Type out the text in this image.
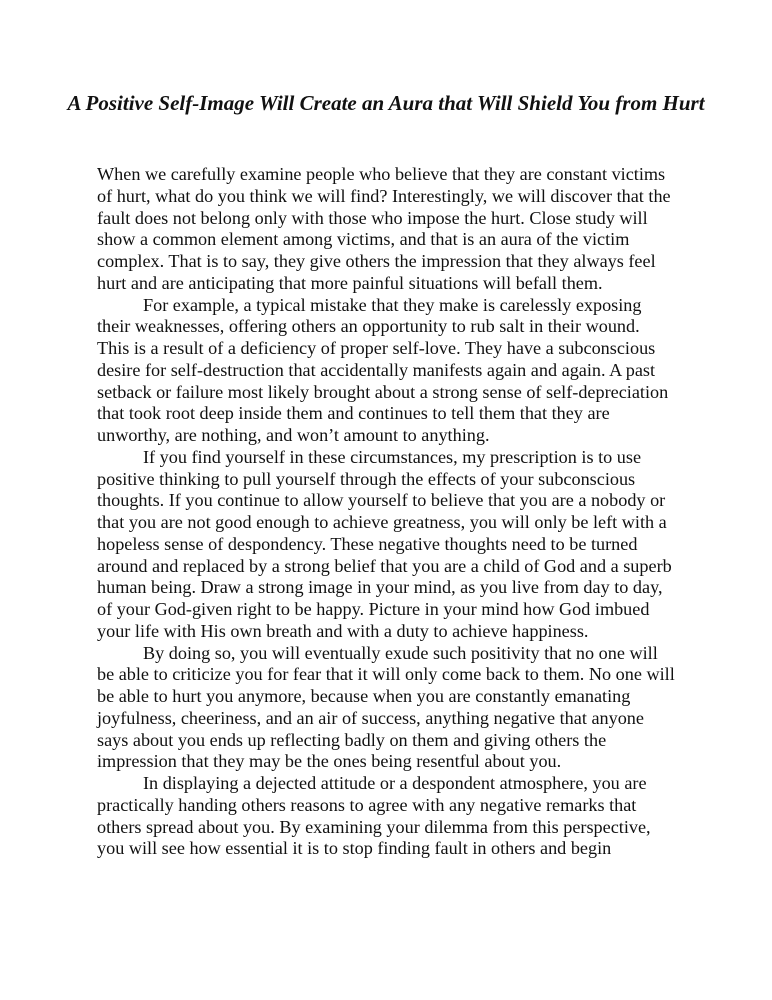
A Positive Self-Image Will Create an Aura that Will Shield You from Hurt

When we carefully examine people who believe that they are constant victims of hurt, what do you think we will find? Interestingly, we will discover that the fault does not belong only with those who impose the hurt. Close study will show a common element among victims, and that is an aura of the victim complex. That is to say, they give others the impression that they always feel hurt and are anticipating that more painful situations will befall them.

For example, a typical mistake that they make is carelessly exposing their weaknesses, offering others an opportunity to rub salt in their wound. This is a result of a deficiency of proper self-love. They have a subconscious desire for self-destruction that accidentally manifests again and again. A past setback or failure most likely brought about a strong sense of self-depreciation that took root deep inside them and continues to tell them that they are unworthy, are nothing, and won’t amount to anything.

If you find yourself in these circumstances, my prescription is to use positive thinking to pull yourself through the effects of your subconscious thoughts. If you continue to allow yourself to believe that you are a nobody or that you are not good enough to achieve greatness, you will only be left with a hopeless sense of despondency. These negative thoughts need to be turned around and replaced by a strong belief that you are a child of God and a superb human being. Draw a strong image in your mind, as you live from day to day, of your God-given right to be happy. Picture in your mind how God imbued your life with His own breath and with a duty to achieve happiness.

By doing so, you will eventually exude such positivity that no one will be able to criticize you for fear that it will only come back to them. No one will be able to hurt you anymore, because when you are constantly emanating joyfulness, cheeriness, and an air of success, anything negative that anyone says about you ends up reflecting badly on them and giving others the impression that they may be the ones being resentful about you.

In displaying a dejected attitude or a despondent atmosphere, you are practically handing others reasons to agree with any negative remarks that others spread about you. By examining your dilemma from this perspective, you will see how essential it is to stop finding fault in others and begin
